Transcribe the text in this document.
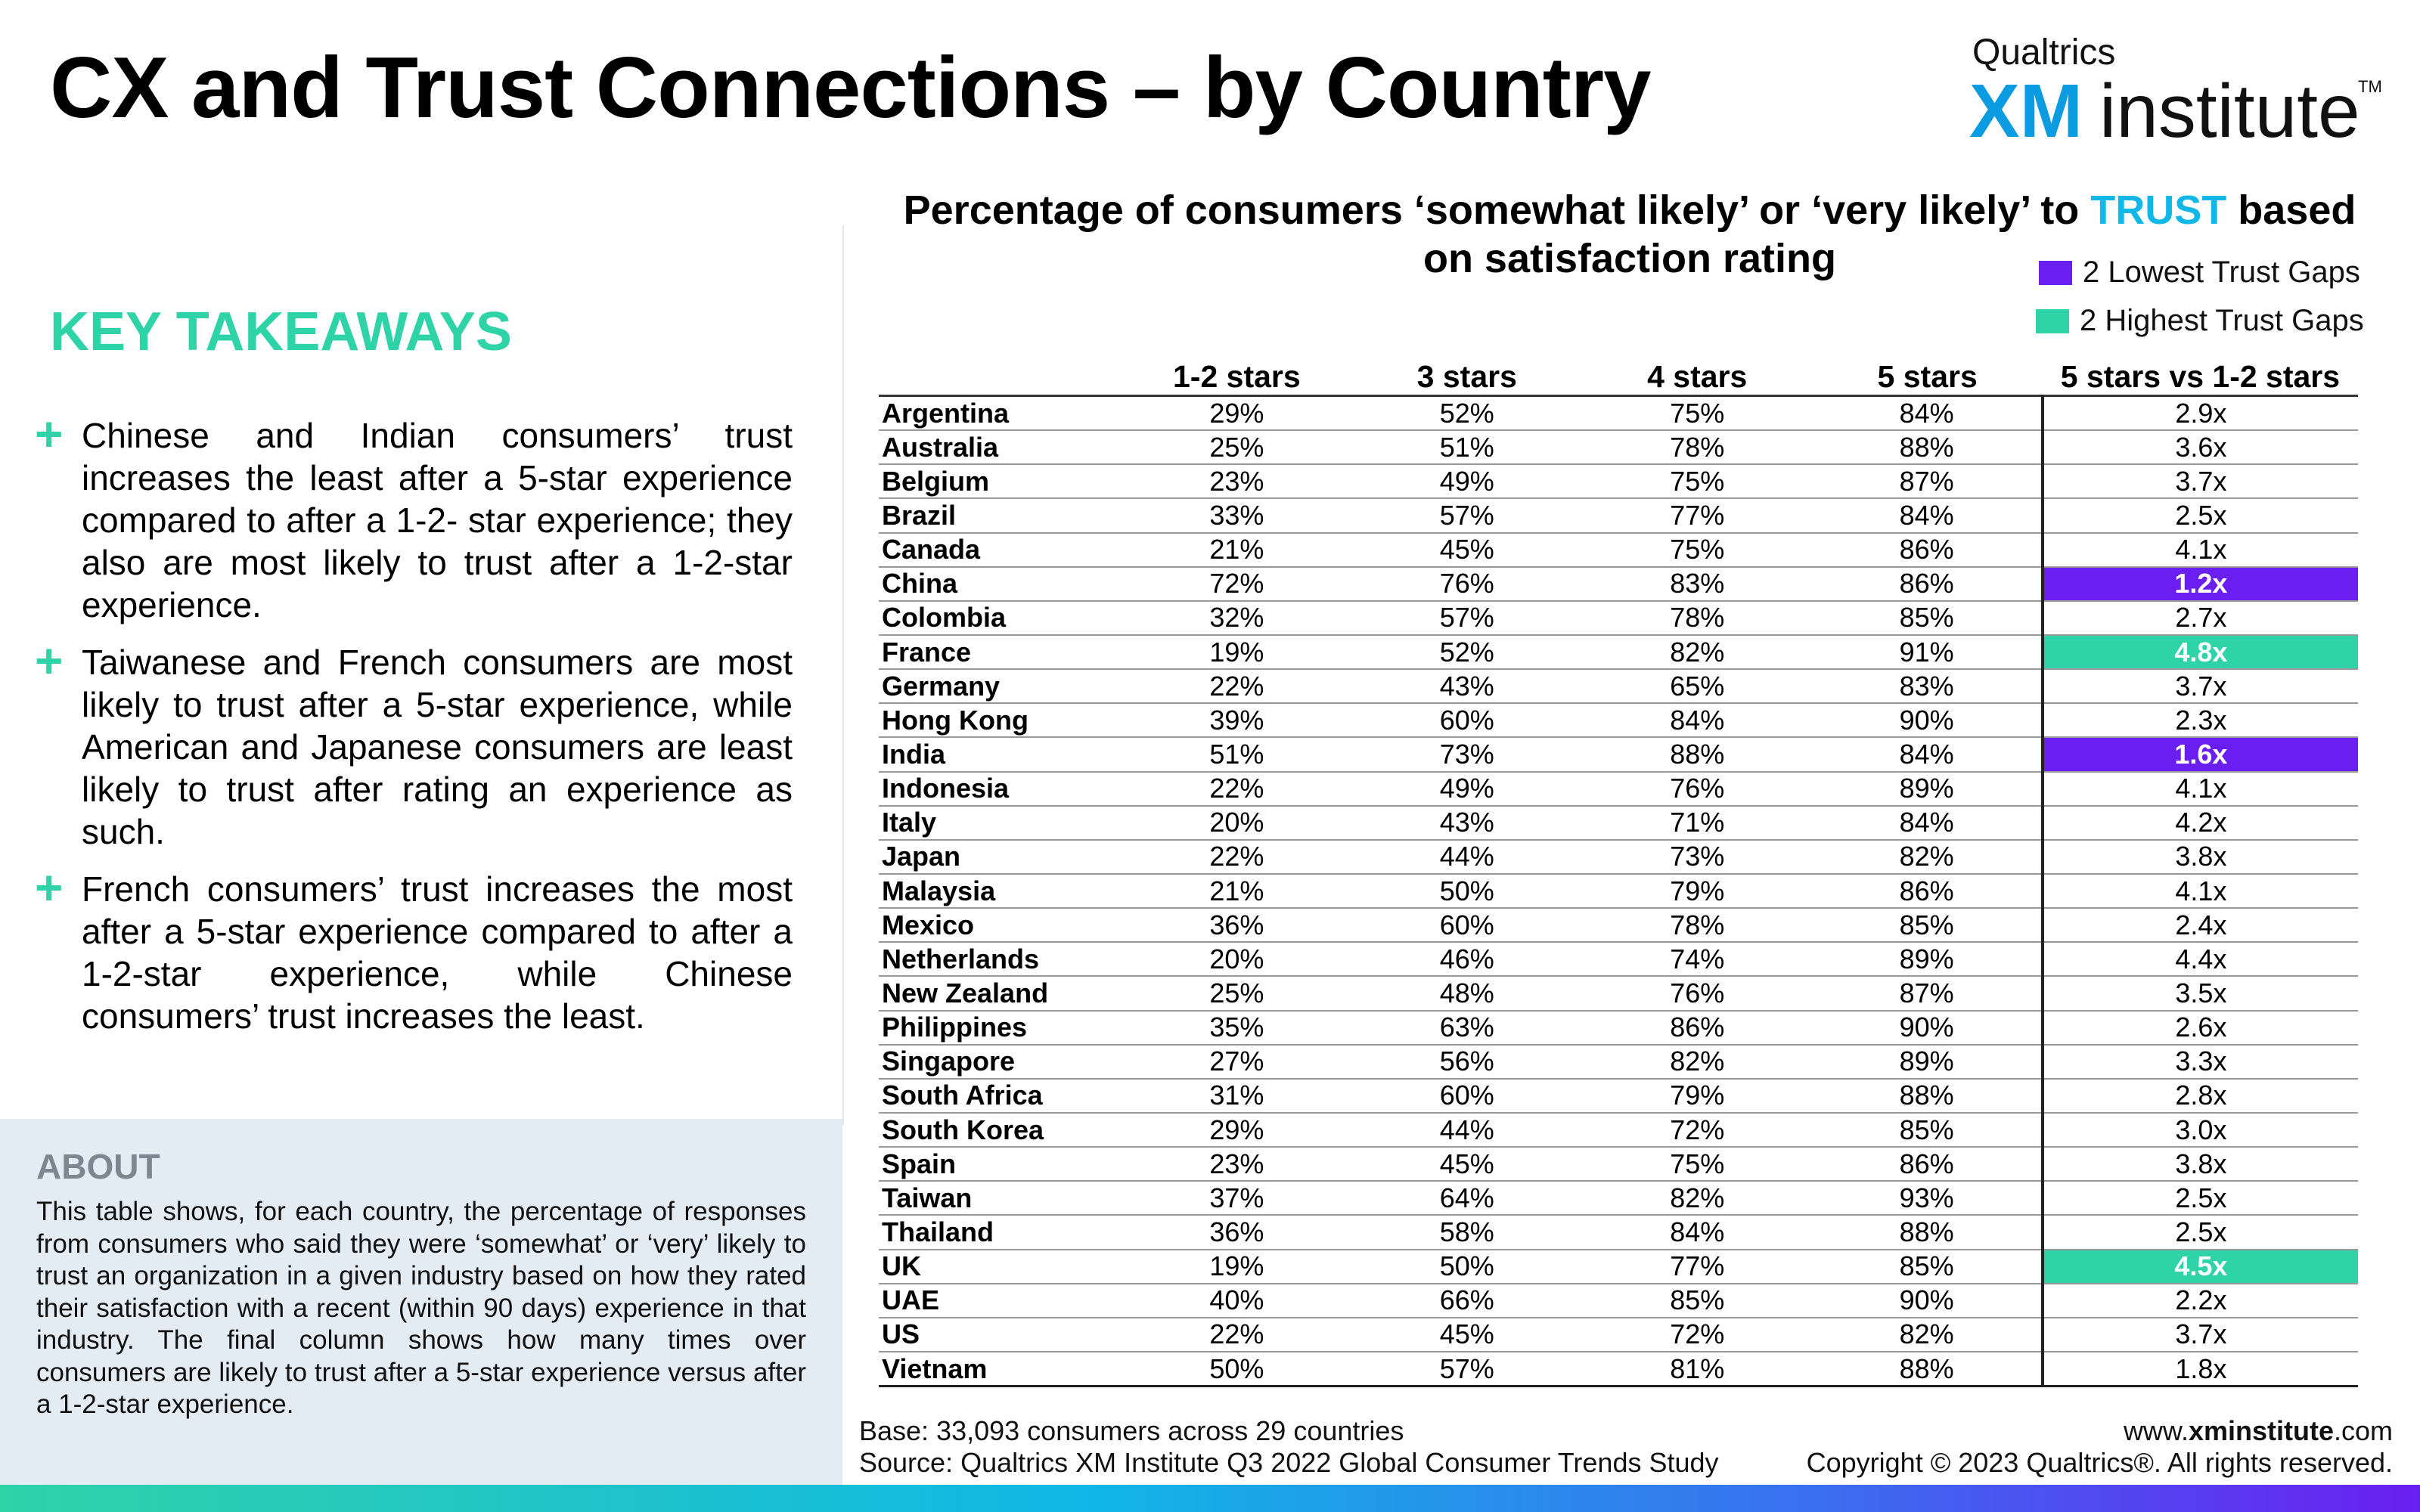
CX and Trust Connections – by Country	Qualtrics
XM institute
TM
KEY TAKEAWAYS
+ Chinese and Indian consumers’ trust increases the least after a 5-star experience compared to after a 1-2- star experience; they also are most likely to trust after a 1-2-star experience.
+ Taiwanese and French consumers are most likely to trust after a 5-star experience, while American and Japanese consumers are least likely to trust after rating an experience as such.
+ French consumers’ trust increases the most after a 5-star experience compared to after a 1-2-star experience, while Chinese consumers’ trust increases the least.
ABOUT
This table shows, for each country, the percentage of responses from consumers who said they were ‘somewhat’ or ‘very’ likely to trust an organization in a given industry based on how they rated their satisfaction with a recent (within 90 days) experience in that industry. The final column shows how many times over consumers are likely to trust after a 5-star experience versus after a 1-2-star experience.
Percentage of consumers ‘somewhat likely’ or ‘very likely’ to TRUST based on satisfaction rating	2 Lowest Trust Gaps
2 Highest Trust Gaps
	1-2 stars	3 stars	4 stars	5 stars	5 stars vs 1-2 stars
Argentina	29%	52%	75%	84%	2.9x
Australia	25%	51%	78%	88%	3.6x
Belgium	23%	49%	75%	87%	3.7x
Brazil	33%	57%	77%	84%	2.5x
Canada	21%	45%	75%	86%	4.1x
China	72%	76%	83%	86%	1.2x
Colombia	32%	57%	78%	85%	2.7x
France	19%	52%	82%	91%	4.8x
Germany	22%	43%	65%	83%	3.7x
Hong Kong	39%	60%	84%	90%	2.3x
India	51%	73%	88%	84%	1.6x
Indonesia	22%	49%	76%	89%	4.1x
Italy	20%	43%	71%	84%	4.2x
Japan	22%	44%	73%	82%	3.8x
Malaysia	21%	50%	79%	86%	4.1x
Mexico	36%	60%	78%	85%	2.4x
Netherlands	20%	46%	74%	89%	4.4x
New Zealand	25%	48%	76%	87%	3.5x
Philippines	35%	63%	86%	90%	2.6x
Singapore	27%	56%	82%	89%	3.3x
South Africa	31%	60%	79%	88%	2.8x
South Korea	29%	44%	72%	85%	3.0x
Spain	23%	45%	75%	86%	3.8x
Taiwan	37%	64%	82%	93%	2.5x
Thailand	36%	58%	84%	88%	2.5x
UK	19%	50%	77%	85%	4.5x
UAE	40%	66%	85%	90%	2.2x
US	22%	45%	72%	82%	3.7x
Vietnam	50%	57%	81%	88%	1.8x
Base: 33,093 consumers across 29 countries
Source: Qualtrics XM Institute Q3 2022 Global Consumer Trends Study
www.xminstitute.com
Copyright © 2023 Qualtrics®. All rights reserved.
